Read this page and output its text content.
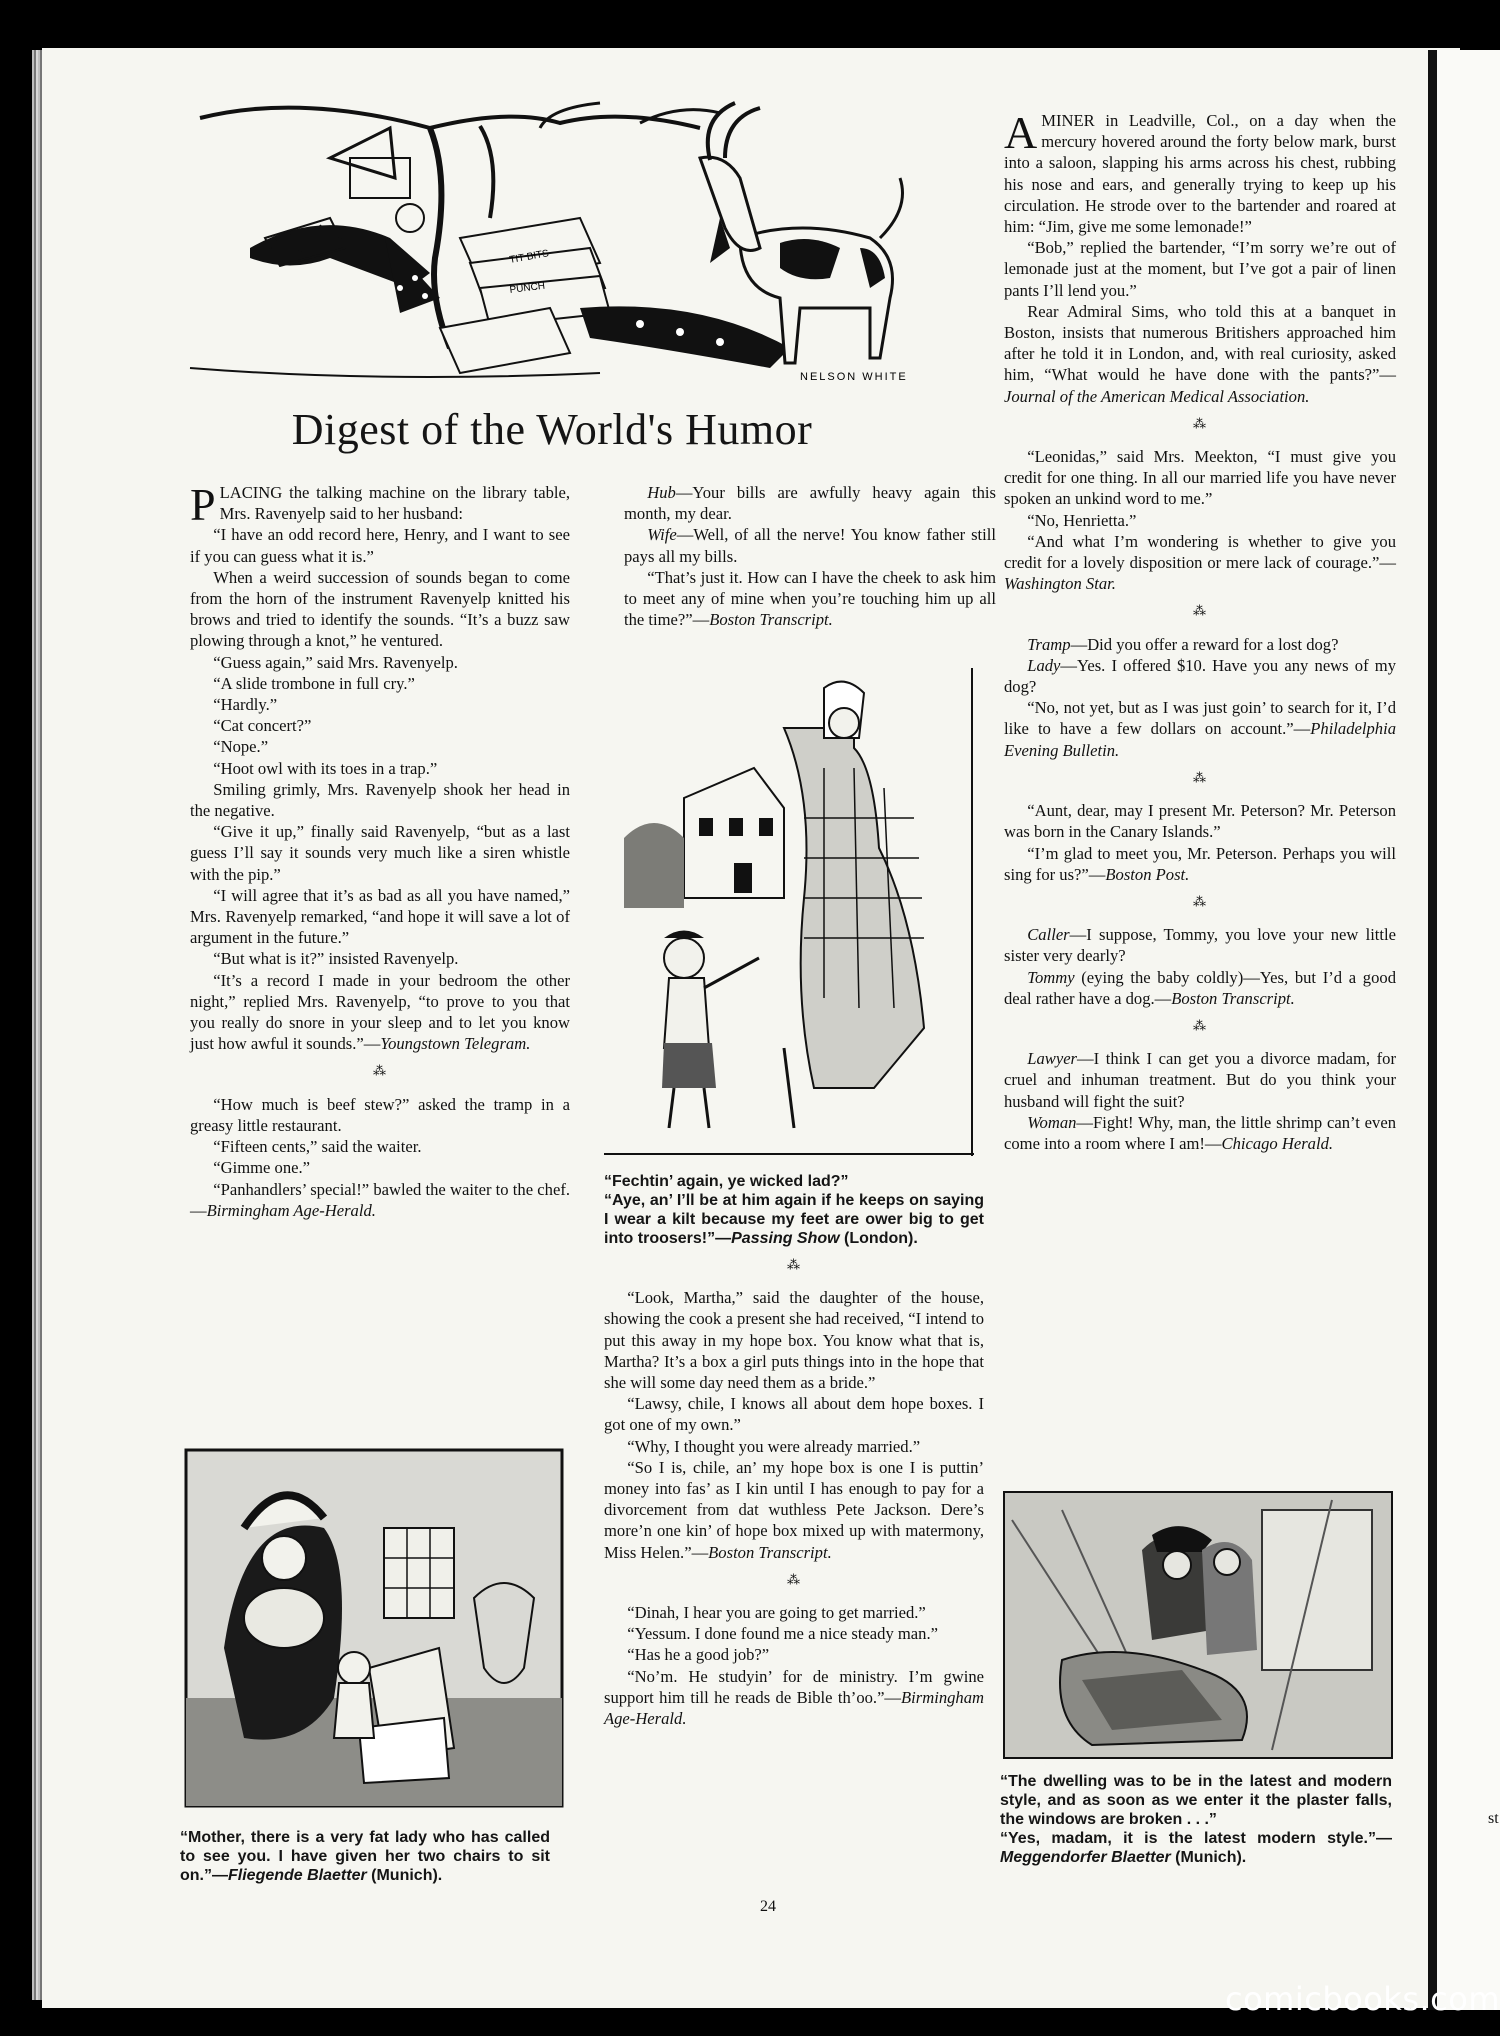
st
TIT BITS
PUNCH
NELSON WHITE
Digest of the World's Humor

PLACING the talking machine on the library table, Mrs. Ravenyelp said to her husband:

“I have an odd record here, Henry, and I want to see if you can guess what it is.”

When a weird succession of sounds began to come from the horn of the instrument Ravenyelp knitted his brows and tried to identify the sounds. “It’s a buzz saw plowing through a knot,” he ventured.

“Guess again,” said Mrs. Ravenyelp.

“A slide trombone in full cry.”

“Hardly.”

“Cat concert?”

“Nope.”

“Hoot owl with its toes in a trap.”

Smiling grimly, Mrs. Ravenyelp shook her head in the negative.

“Give it up,” finally said Ravenyelp, “but as a last guess I’ll say it sounds very much like a siren whistle with the pip.”

“I will agree that it’s as bad as all you have named,” Mrs. Ravenyelp remarked, “and hope it will save a lot of argument in the future.”

“But what is it?” insisted Ravenyelp.

“It’s a record I made in your bedroom the other night,” replied Mrs. Ravenyelp, “to prove to you that you really do snore in your sleep and to let you know just how awful it sounds.”—Youngstown Telegram.

⁂

“How much is beef stew?” asked the tramp in a greasy little restaurant.

“Fifteen cents,” said the waiter.

“Gimme one.”

“Panhandlers’ special!” bawled the waiter to the chef.—Birmingham Age-Herald.

“Mother, there is a very fat lady who has called to see you. I have given her two chairs to sit on.”—Fliegende Blaetter (Munich).

Hub—Your bills are awfully heavy again this month, my dear.

Wife—Well, of all the nerve! You know father still pays all my bills.

“That’s just it. How can I have the cheek to ask him to meet any of mine when you’re touching him up all the time?”—Boston Transcript.

“Fechtin’ again, ye wicked lad?”

“Aye, an’ I’ll be at him again if he keeps on saying I wear a kilt because my feet are ower big to get into troosers!”—Passing Show (London).

⁂

“Look, Martha,” said the daughter of the house, showing the cook a present she had received, “I intend to put this away in my hope box. You know what that is, Martha? It’s a box a girl puts things into in the hope that she will some day need them as a bride.”

“Lawsy, chile, I knows all about dem hope boxes. I got one of my own.”

“Why, I thought you were already married.”

“So I is, chile, an’ my hope box is one I is puttin’ money into fas’ as I kin until I has enough to pay for a divorcement from dat wuthless Pete Jackson. Dere’s more’n one kin’ of hope box mixed up with matermony, Miss Helen.”—Boston Transcript.

⁂

“Dinah, I hear you are going to get married.”

“Yessum. I done found me a nice steady man.”

“Has he a good job?”

“No’m. He studyin’ for de ministry. I’m gwine support him till he reads de Bible th’oo.”—Birmingham Age-Herald.

AMINER in Leadville, Col., on a day when the mercury hovered around the forty below mark, burst into a saloon, slapping his arms across his chest, rubbing his nose and ears, and generally trying to keep up his circulation. He strode over to the bartender and roared at him: “Jim, give me some lemonade!”

“Bob,” replied the bartender, “I’m sorry we’re out of lemonade just at the moment, but I’ve got a pair of linen pants I’ll lend you.”

Rear Admiral Sims, who told this at a banquet in Boston, insists that numerous Britishers approached him after he told it in London, and, with real curiosity, asked him, “What would he have done with the pants?”—Journal of the American Medical Association.

⁂

“Leonidas,” said Mrs. Meekton, “I must give you credit for one thing. In all our married life you have never spoken an unkind word to me.”

“No, Henrietta.”

“And what I’m wondering is whether to give you credit for a lovely disposition or mere lack of courage.”—Washington Star.

⁂

Tramp—Did you offer a reward for a lost dog?

Lady—Yes. I offered $10. Have you any news of my dog?

“No, not yet, but as I was just goin’ to search for it, I’d like to have a few dollars on account.”—Philadelphia Evening Bulletin.

⁂

“Aunt, dear, may I present Mr. Peterson? Mr. Peterson was born in the Canary Islands.”

“I’m glad to meet you, Mr. Peterson. Perhaps you will sing for us?”—Boston Post.

⁂

Caller—I suppose, Tommy, you love your new little sister very dearly?

Tommy (eying the baby coldly)—Yes, but I’d a good deal rather have a dog.—Boston Transcript.

⁂

Lawyer—I think I can get you a divorce madam, for cruel and inhuman treatment. But do you think your husband will fight the suit?

Woman—Fight! Why, man, the little shrimp can’t even come into a room where I am!—Chicago Herald.

“The dwelling was to be in the latest and modern style, and as soon as we enter it the plaster falls, the windows are broken . . .”

“Yes, madam, it is the latest modern style.”—Meggendorfer Blaetter (Munich).

24
comicbooks.com
